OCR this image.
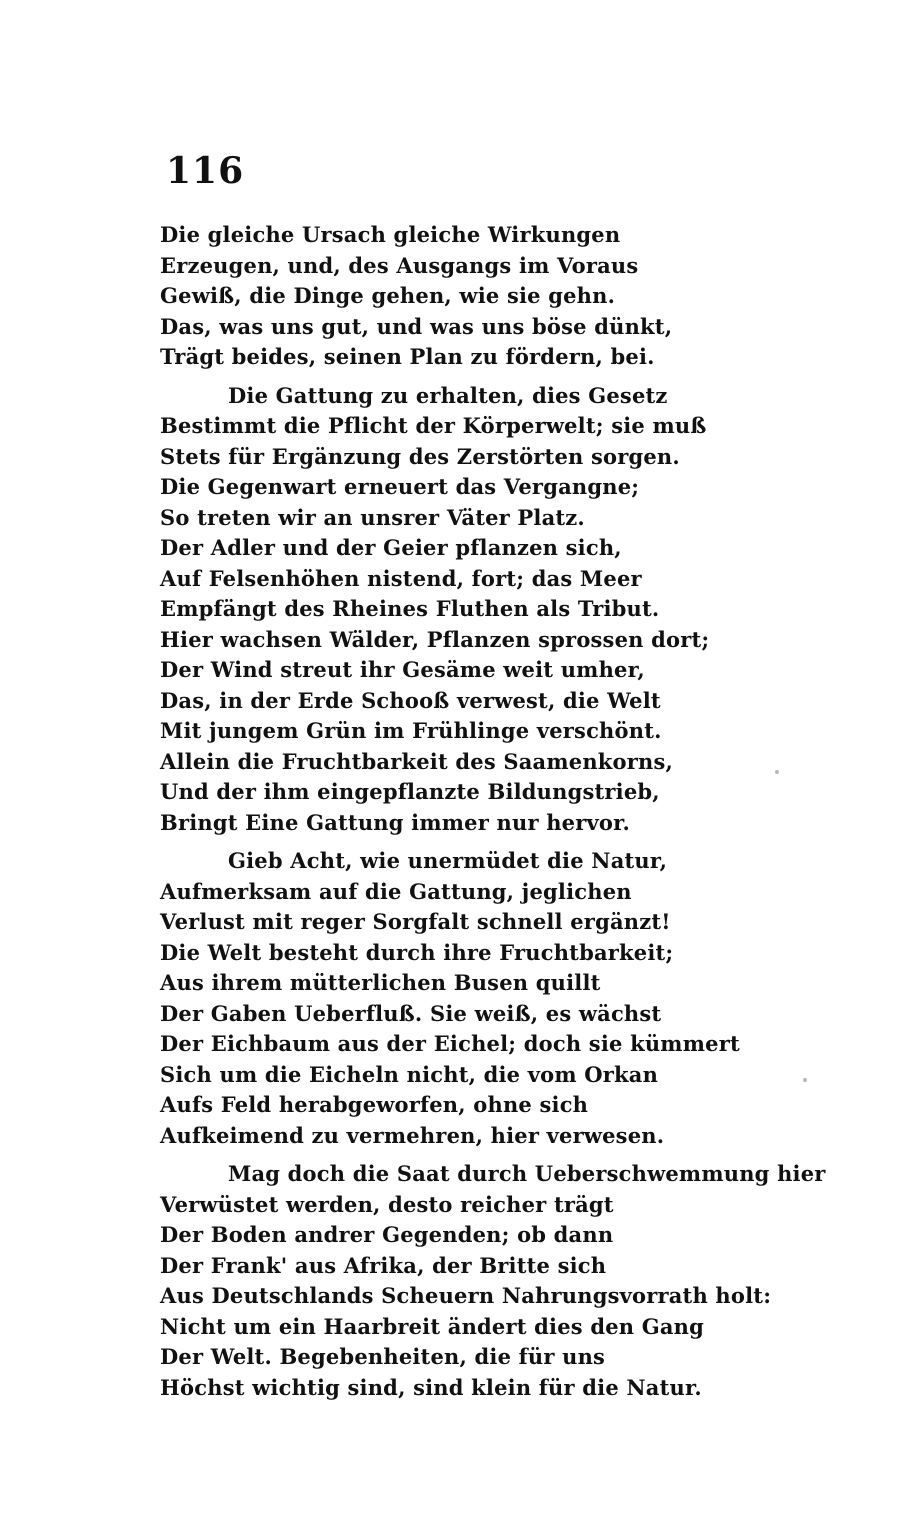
116
Die gleiche Ursach gleiche Wirkungen
Erzeugen, und, des Ausgangs im Voraus
Gewiß, die Dinge gehen, wie sie gehn.
Das, was uns gut, und was uns böse dünkt,
Trägt beides, seinen Plan zu fördern, bei.
Die Gattung zu erhalten, dies Gesetz
Bestimmt die Pflicht der Körperwelt; sie muß
Stets für Ergänzung des Zerstörten sorgen.
Die Gegenwart erneuert das Vergangne;
So treten wir an unsrer Väter Platz.
Der Adler und der Geier pflanzen sich,
Auf Felsenhöhen nistend, fort; das Meer
Empfängt des Rheines Fluthen als Tribut.
Hier wachsen Wälder, Pflanzen sprossen dort;
Der Wind streut ihr Gesäme weit umher,
Das, in der Erde Schooß verwest, die Welt
Mit jungem Grün im Frühlinge verschönt.
Allein die Fruchtbarkeit des Saamenkorns,
Und der ihm eingepflanzte Bildungstrieb,
Bringt Eine Gattung immer nur hervor.
Gieb Acht, wie unermüdet die Natur,
Aufmerksam auf die Gattung, jeglichen
Verlust mit reger Sorgfalt schnell ergänzt!
Die Welt besteht durch ihre Fruchtbarkeit;
Aus ihrem mütterlichen Busen quillt
Der Gaben Ueberfluß. Sie weiß, es wächst
Der Eichbaum aus der Eichel; doch sie kümmert
Sich um die Eicheln nicht, die vom Orkan
Aufs Feld herabgeworfen, ohne sich
Aufkeimend zu vermehren, hier verwesen.
Mag doch die Saat durch Ueberschwemmung hier
Verwüstet werden, desto reicher trägt
Der Boden andrer Gegenden; ob dann
Der Frank' aus Afrika, der Britte sich
Aus Deutschlands Scheuern Nahrungsvorrath holt:
Nicht um ein Haarbreit ändert dies den Gang
Der Welt. Begebenheiten, die für uns
Höchst wichtig sind, sind klein für die Natur.
